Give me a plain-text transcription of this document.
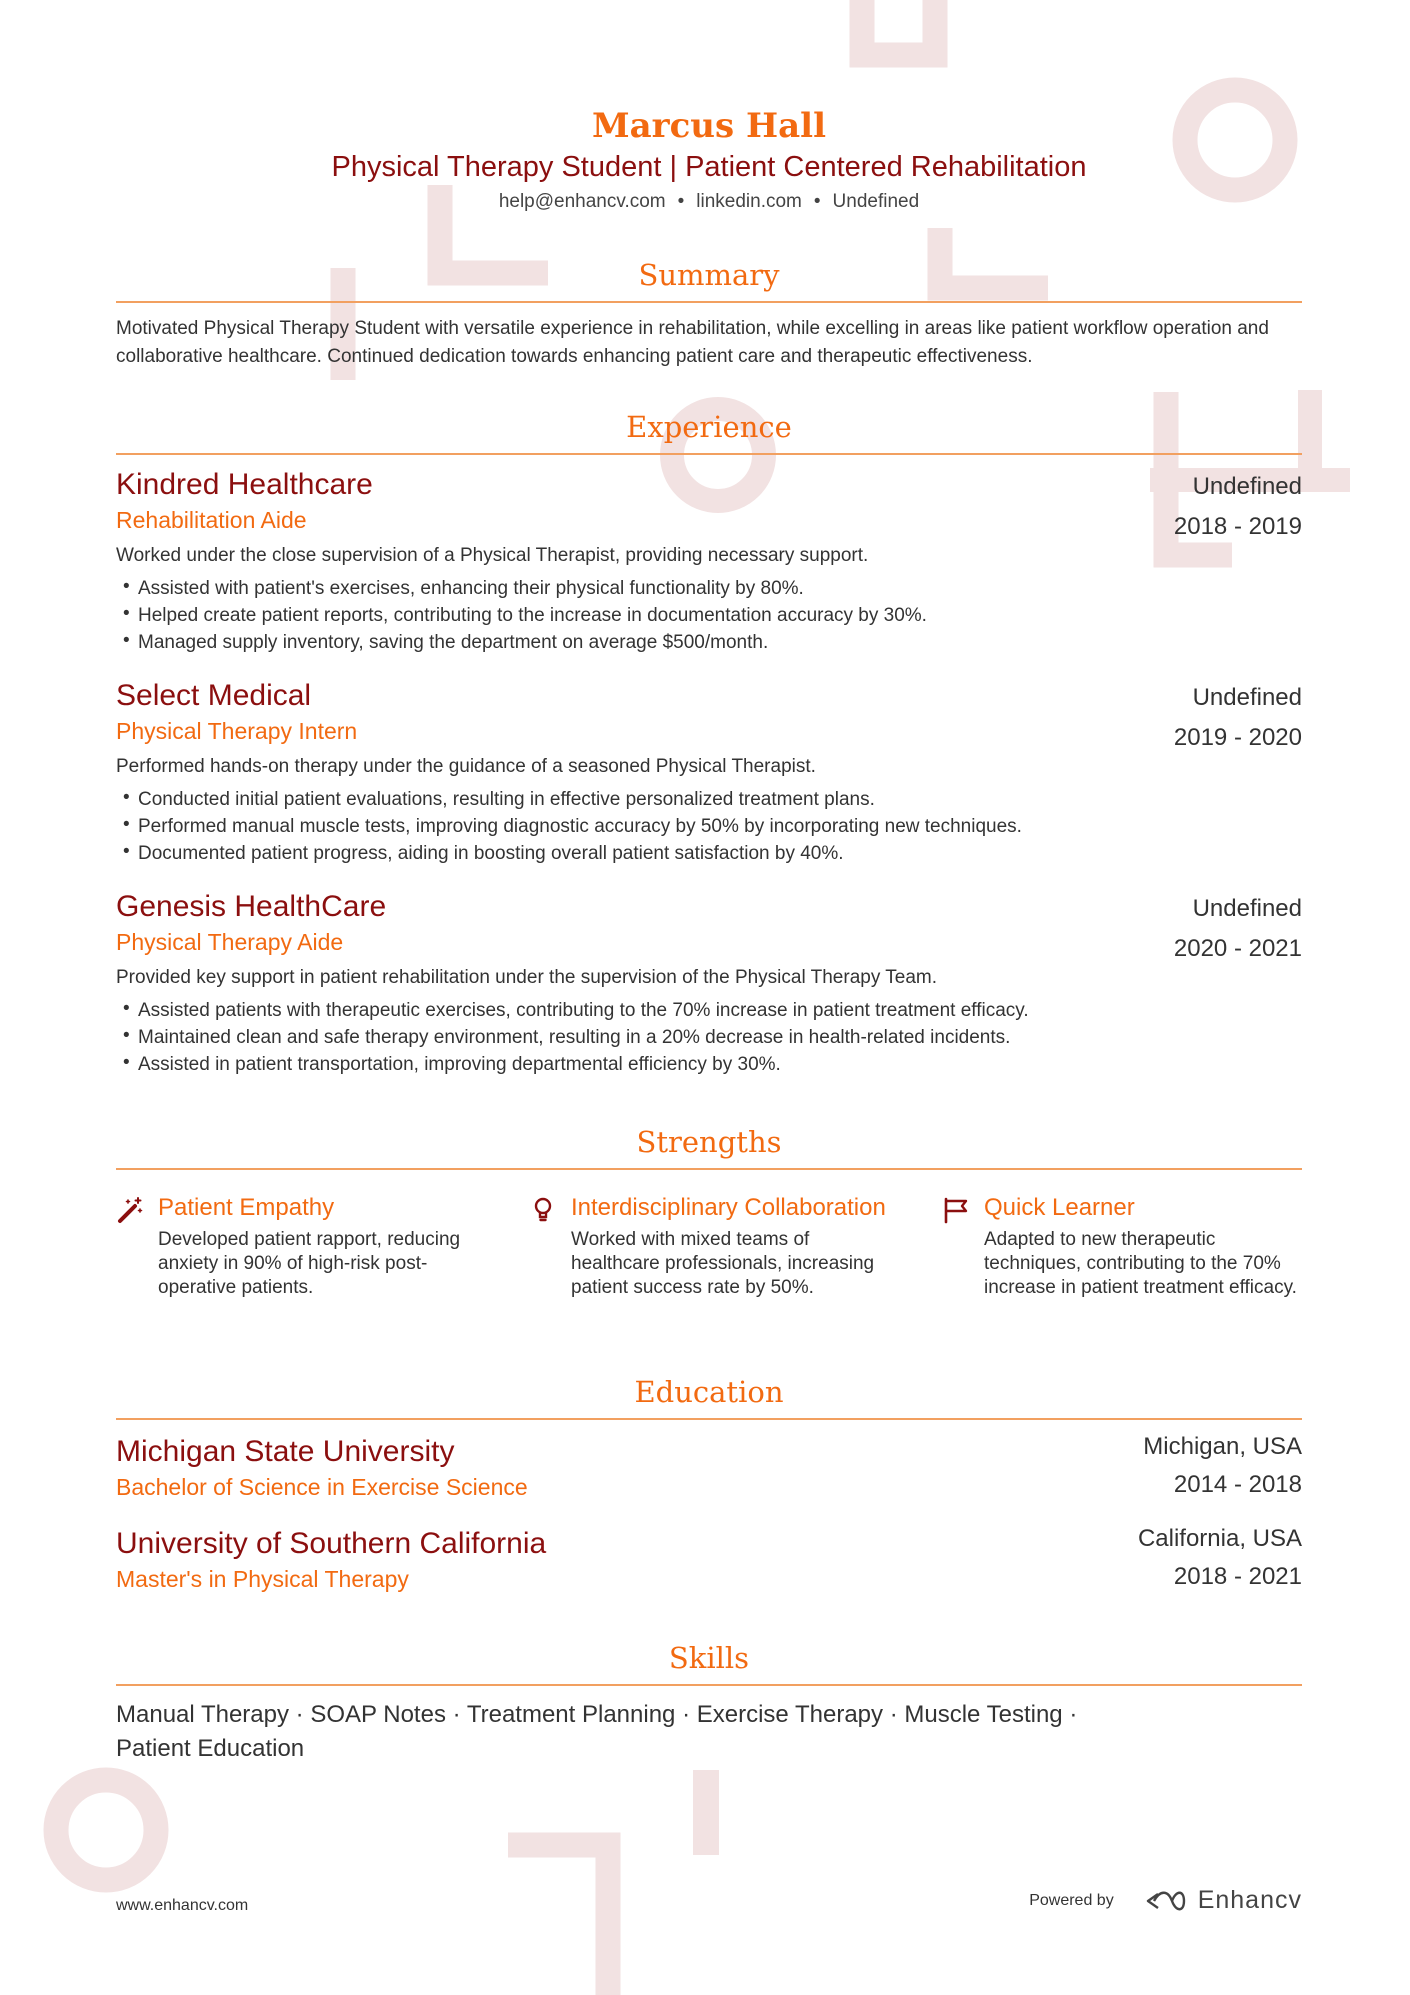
Marcus Hall
Physical Therapy Student | Patient Centered Rehabilitation
help@enhancv.com • linkedin.com • Undefined
Summary
Motivated Physical Therapy Student with versatile experience in rehabilitation, while excelling in areas like patient workflow operation and collaborative healthcare. Continued dedication towards enhancing patient care and therapeutic effectiveness.
Experience
Kindred Healthcare
Rehabilitation Aide
Undefined
2018 - 2019
Worked under the close supervision of a Physical Therapist, providing necessary support.
• Assisted with patient's exercises, enhancing their physical functionality by 80%.
• Helped create patient reports, contributing to the increase in documentation accuracy by 30%.
• Managed supply inventory, saving the department on average $500/month.
Select Medical
Physical Therapy Intern
Undefined
2019 - 2020
Performed hands-on therapy under the guidance of a seasoned Physical Therapist.
• Conducted initial patient evaluations, resulting in effective personalized treatment plans.
• Performed manual muscle tests, improving diagnostic accuracy by 50% by incorporating new techniques.
• Documented patient progress, aiding in boosting overall patient satisfaction by 40%.
Genesis HealthCare
Physical Therapy Aide
Undefined
2020 - 2021
Provided key support in patient rehabilitation under the supervision of the Physical Therapy Team.
• Assisted patients with therapeutic exercises, contributing to the 70% increase in patient treatment efficacy.
• Maintained clean and safe therapy environment, resulting in a 20% decrease in health-related incidents.
• Assisted in patient transportation, improving departmental efficiency by 30%.
Strengths
Patient Empathy
Developed patient rapport, reducing anxiety in 90% of high-risk post-operative patients.
Interdisciplinary Collaboration
Worked with mixed teams of healthcare professionals, increasing patient success rate by 50%.
Quick Learner
Adapted to new therapeutic techniques, contributing to the 70% increase in patient treatment efficacy.
Education
Michigan State University
Bachelor of Science in Exercise Science
Michigan, USA
2014 - 2018
University of Southern California
Master's in Physical Therapy
California, USA
2018 - 2021
Skills
Manual Therapy · SOAP Notes · Treatment Planning · Exercise Therapy · Muscle Testing ·
Patient Education
www.enhancv.com	Powered by	Enhancv
